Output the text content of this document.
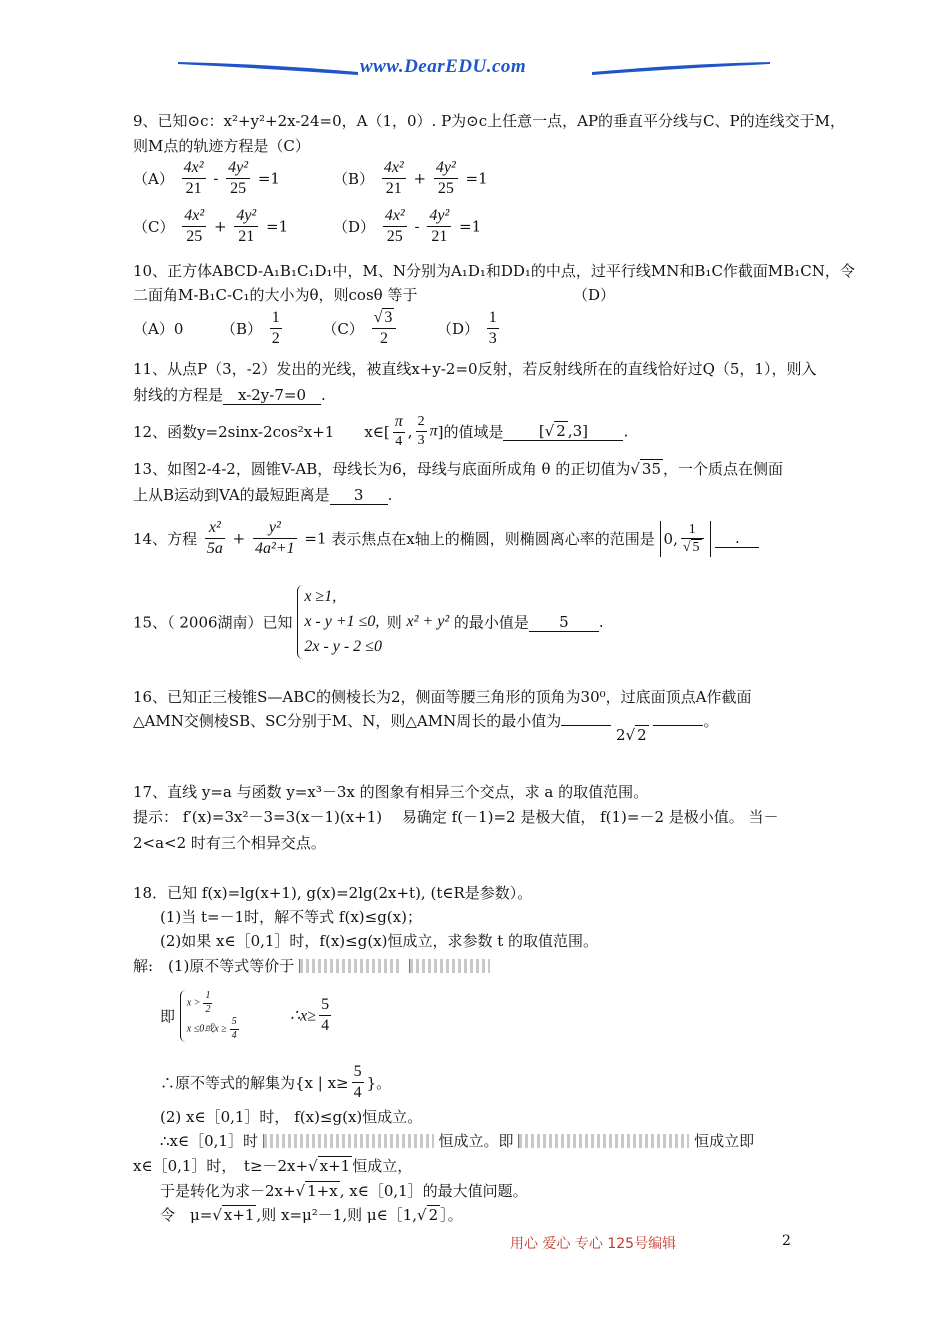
www.DearEDU.com
9、已知⊙c：x²+y²+2x-24=0，A（1，0）. P为⊙c上任意一点，AP的垂直平分线与C、P的连线交于M，
则M点的轨迹方程是（C）
$(A) \frac{\text{4x²}}{21} - \frac{\text{4y²}}{25} =1$	$(B) \frac{\text{4x²}}{21} + \frac{\text{4y²}}{25} =1$
$(C) \frac{\text{4x²}}{25} + \frac{\text{4y²}}{21} =1$	$(D) \frac{\text{4x²}}{25} - \frac{\text{4y²}}{21} =1$
10、正方体ABCD-A₁B₁C₁D₁中，M、N分别为A₁D₁和DD₁的中点，过平行线MN和B₁C作截面MB₁CN，令
二面角M-B₁C-C₁的大小为θ，则cosθ 等于	（D）
（A）0	$(B) \frac{1}{2}$	$(C) \frac{√ 3}{2}$	$(D) \frac{1}{3}$
11、从点P（3，-2）发出的光线，被直线x+y-2=0反射，若反射线所在的直线恰好过Q（5，1），则入
射线的方程是 x-2y-7=0 .
12、函数y=2sinx-2cos²x+1　　x∈[ $\frac{\pi}{4}$ , $\frac{2}{3} \pi$]的值域是 [√ 2 ,3] .
13、如图2-4-2，圆锥V-AB，母线长为6，母线与底面所成角 θ 的正切值为√ 35 ，一个质点在侧面
上从B运动到VA的最短距离是 3 .
14、方程 $\frac{\text{x²}}{5a} + \frac{\text{y²}}{\text{4a²+1}} =1$ 表示焦点在x轴上的椭圆，则椭圆离心率的范围是 0, $\frac{1}{√ 5}$ .
15、（ 2006湖南）已知
x ≥1,
x - y +1 ≤0,
2x - y - 2 ≤0
则 x² + y² 的最小值是 5 .
16、已知正三棱锥S—ABC的侧棱长为2，侧面等腰三角形的顶角为30⁰，过底面顶点A作截面
△AMN交侧棱SB、SC分别于M、N，则△AMN周长的最小值为 2√ 2 。
17、直线 y=a 与函数 y=x³－3x 的图象有相异三个交点，求 a 的取值范围。
提示： f′(x)=3x²－3=3(x－1)(x+1)　 易确定 f(－1)=2 是极大值， f(1)=－2 是极小值。 当－
2<a<2 时有三个相异交点。
18．已知 f(x)=lg(x+1), g(x)=2lg(2x+t), (t∈R是参数）。
(1)当 t=－1时，解不等式 f(x)≤g(x)；
(2)如果 x∈［0,1］时，f(x)≤g(x)恒成立，求参数 t 的取值范围。
解:　(1)原不等式等价于
即
$x > \frac{1}{2}$
x ≤0或$x \ge \frac{5}{4}$	∴x≥ $\frac{5}{4}$
∴原不等式的解集为{x | $x\ge \frac{5}{4}$ }。
(2) x∈［0,1］时， f(x)≤g(x)恒成立。
∴x∈［0,1］时	恒成立。即	恒成立即
x∈［0,1］时，　t≥－2x+√ x+1 恒成立，
于是转化为求－2x+√ 1+x , x∈［0,1］的最大值问题。
令　μ=√ x+1 ,则 x=μ²－1,则 μ∈［1,√ 2 ］。
用心 爱心 专心 125号编辑	2
